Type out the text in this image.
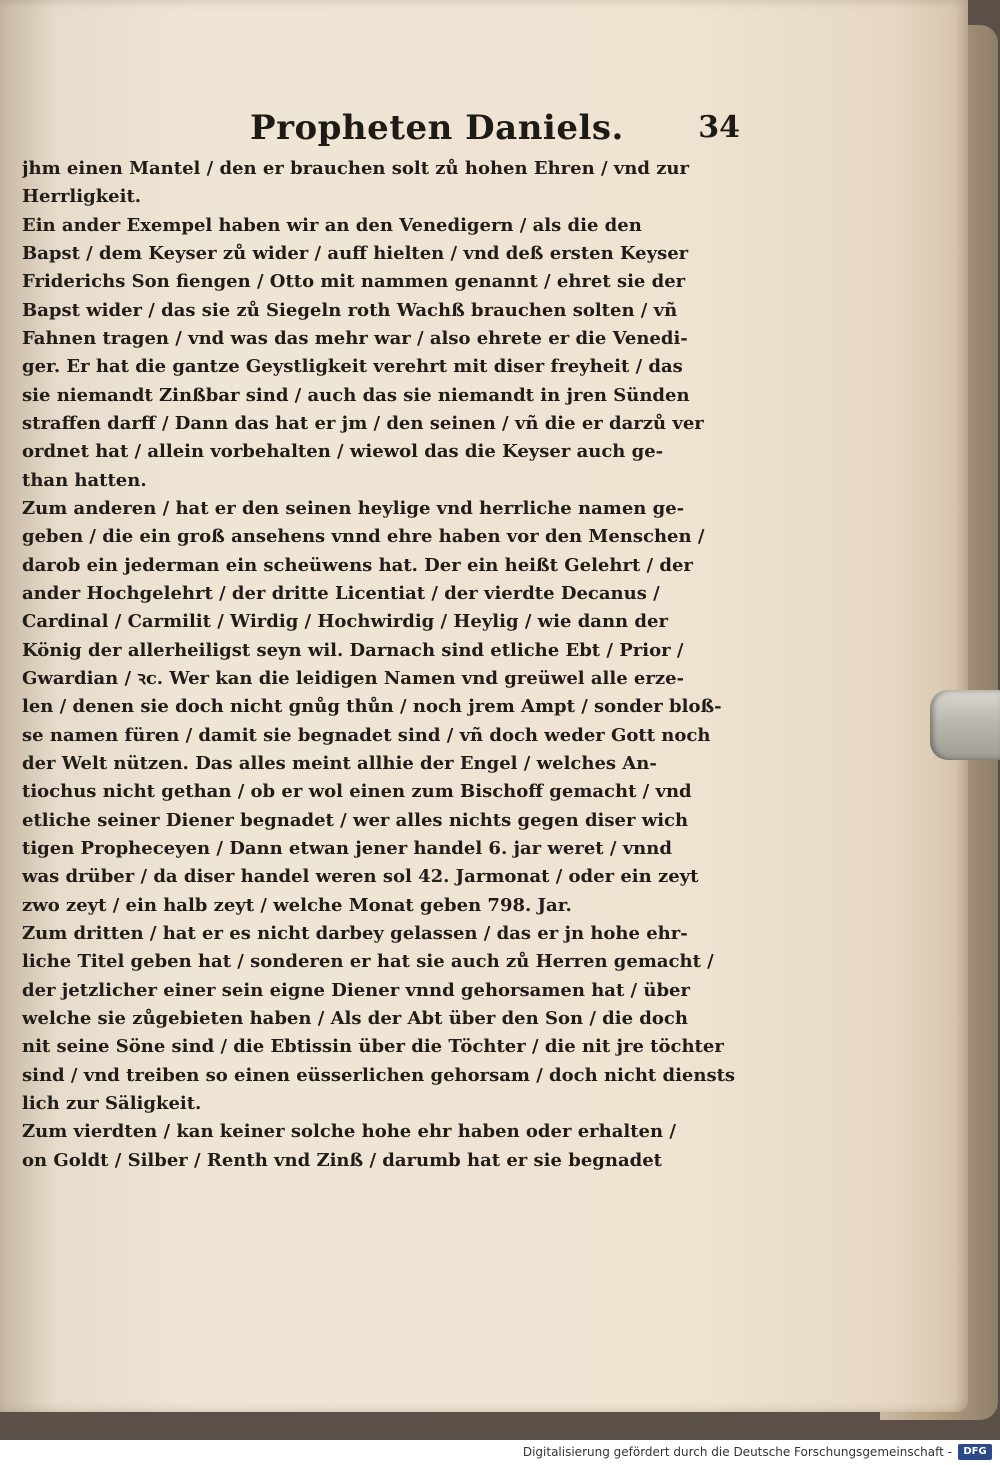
Propheten Daniels. 34
jhm einen Mantel / den er brauchen solt zů hohen Ehren / vnd zur
Herrligkeit.
Ein ander Exempel haben wir an den Venedigern / als die den
Bapst / dem Keyser zů wider / auff hielten / vnd deß ersten Keyser
Friderichs Son fiengen / Otto mit nammen genannt / ehret sie der
Bapst wider / das sie zů Siegeln roth Wachß brauchen solten / vñ
Fahnen tragen / vnd was das mehr war / also ehrete er die Venedi-
ger. Er hat die gantze Geystligkeit verehrt mit diser freyheit / das
sie niemandt Zinßbar sind / auch das sie niemandt in jren Sünden
straffen darff / Dann das hat er jm / den seinen / vñ die er darzů ver
ordnet hat / allein vorbehalten / wiewol das die Keyser auch ge-
than hatten.
Zum anderen / hat er den seinen heylige vnd herrliche namen ge-
geben / die ein groß ansehens vnnd ehre haben vor den Menschen /
darob ein jederman ein scheüwens hat. Der ein heißt Gelehrt / der
ander Hochgelehrt / der dritte Licentiat / der vierdte Decanus /
Cardinal / Carmilit / Wirdig / Hochwirdig / Heylig / wie dann der
König der allerheiligst seyn wil. Darnach sind etliche Ebt / Prior /
Gwardian / ꝛc. Wer kan die leidigen Namen vnd greüwel alle erze-
len / denen sie doch nicht gnůg thůn / noch jrem Ampt / sonder bloß-
se namen füren / damit sie begnadet sind / vñ doch weder Gott noch
der Welt nützen. Das alles meint allhie der Engel / welches An-
tiochus nicht gethan / ob er wol einen zum Bischoff gemacht / vnd
etliche seiner Diener begnadet / wer alles nichts gegen diser wich
tigen Propheceyen / Dann etwan jener handel 6. jar weret / vnnd
was drüber / da diser handel weren sol 42. Jarmonat / oder ein zeyt
zwo zeyt / ein halb zeyt / welche Monat geben 798. Jar.
Zum dritten / hat er es nicht darbey gelassen / das er jn hohe ehr-
liche Titel geben hat / sonderen er hat sie auch zů Herren gemacht /
der jetzlicher einer sein eigne Diener vnnd gehorsamen hat / über
welche sie zůgebieten haben / Als der Abt über den Son / die doch
nit seine Söne sind / die Ebtissin über die Töchter / die nit jre töchter
sind / vnd treiben so einen eüsserlichen gehorsam / doch nicht diensts
lich zur Säligkeit.
Zum vierdten / kan keiner solche hohe ehr haben oder erhalten /
on Goldt / Silber / Renth vnd Zinß / darumb hat er sie begnadet
Digitalisierung gefördert durch die Deutsche Forschungsgemeinschaft -	DFG
